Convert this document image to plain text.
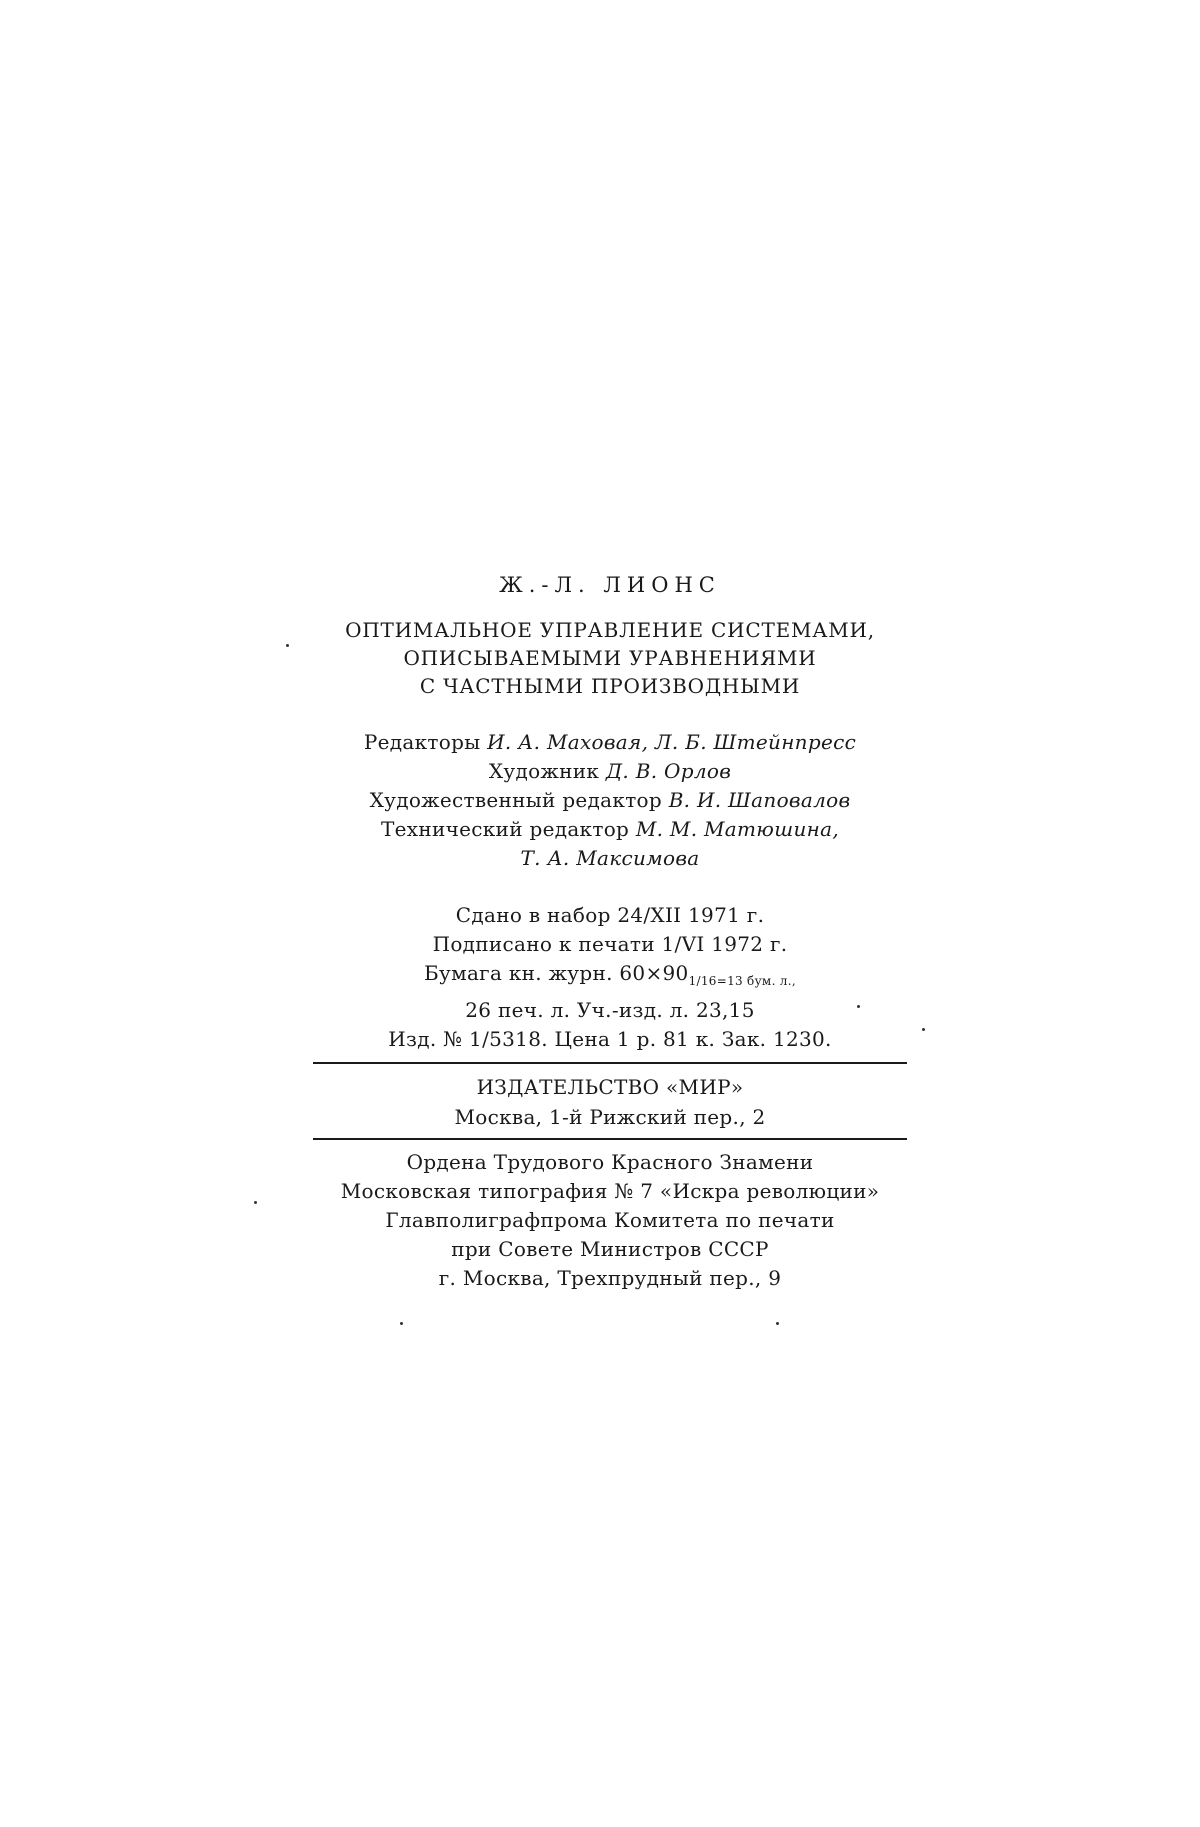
Ж.-Л. ЛИОНС
ОПТИМАЛЬНОЕ УПРАВЛЕНИЕ СИСТЕМАМИ,
ОПИСЫВАЕМЫМИ УРАВНЕНИЯМИ
С ЧАСТНЫМИ ПРОИЗВОДНЫМИ
Редакторы И. А. Маховая, Л. Б. Штейнпресс
Художник Д. В. Орлов
Художественный редактор В. И. Шаповалов
Технический редактор М. М. Матюшина,
Т. А. Максимова
Сдано в набор 24/XII 1971 г.
Подписано к печати 1/VI 1972 г.
Бумага кн. журн. $60\times 90_{1/16=13 бум. л.,}$
26 печ. л. Уч.-изд. л. 23,15
Изд. № 1/5318. Цена 1 р. 81 к. Зак. 1230.
ИЗДАТЕЛЬСТВО «МИР»
Москва, 1-й Рижский пер., 2
Ордена Трудового Красного Знамени
Московская типография № 7 «Искра революции»
Главполиграфпрома Комитета по печати
при Совете Министров СССР
г. Москва, Трехпрудный пер., 9
